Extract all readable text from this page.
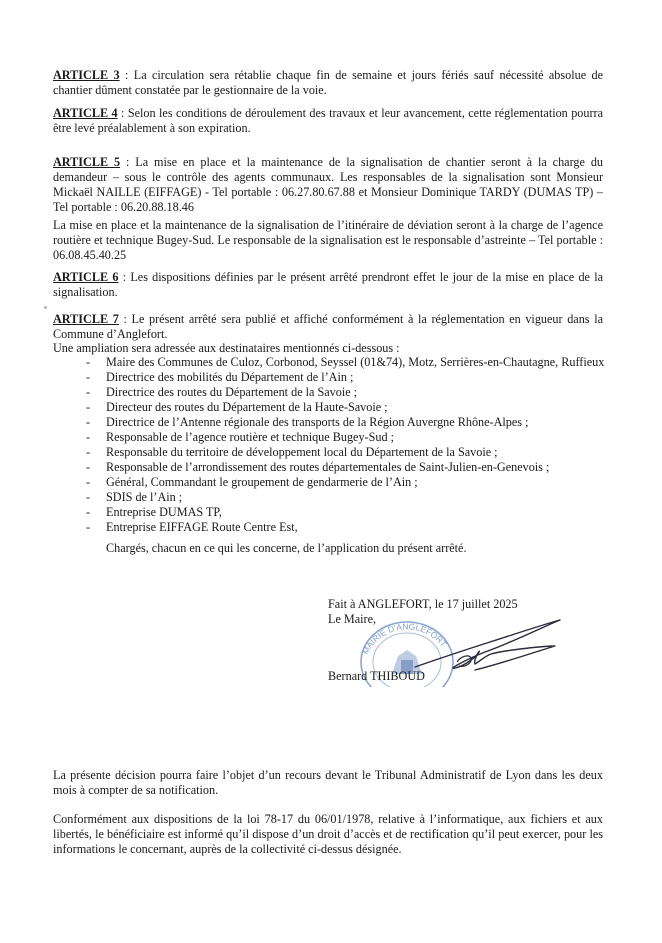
ARTICLE 3 : La circulation sera rétablie chaque fin de semaine et jours fériés sauf nécessité absolue de chantier dûment constatée par le gestionnaire de la voie.

ARTICLE 4 : Selon les conditions de déroulement des travaux et leur avancement, cette réglementation pourra être levé préalablement à son expiration.

ARTICLE 5 : La mise en place et la maintenance de la signalisation de chantier seront à la charge du demandeur – sous le contrôle des agents communaux. Les responsables de la signalisation sont Monsieur Mickaël NAILLE (EIFFAGE) - Tel portable : 06.27.80.67.88 et Monsieur Dominique TARDY (DUMAS TP) – Tel portable : 06.20.88.18.46

La mise en place et la maintenance de la signalisation de l’itinéraire de déviation seront à la charge de l’agence routière et technique Bugey-Sud. Le responsable de la signalisation est le responsable d’astreinte – Tel portable : 06.08.45.40.25

ARTICLE 6 : Les dispositions définies par le présent arrêté prendront effet le jour de la mise en place de la signalisation.

ARTICLE 7 : Le présent arrêté sera publié et affiché conformément à la réglementation en vigueur dans la Commune d’Anglefort.

Une ampliation sera adressée aux destinataires mentionnés ci-dessous :

- Maire des Communes de Culoz, Corbonod, Seyssel (01&74), Motz, Serrières-en-Chautagne, Ruffieux
- Directrice des mobilités du Département de l’Ain ;
- Directrice des routes du Département de la Savoie ;
- Directeur des routes du Département de la Haute-Savoie ;
- Directrice de l’Antenne régionale des transports de la Région Auvergne Rhône-Alpes ;
- Responsable de l’agence routière et technique Bugey-Sud ;
- Responsable du territoire de développement local du Département de la Savoie ;
- Responsable de l’arrondissement des routes départementales de Saint-Julien-en-Genevois ;
- Général, Commandant le groupement de gendarmerie de l’Ain ;
- SDIS de l’Ain ;
- Entreprise DUMAS TP,
- Entreprise EIFFAGE Route Centre Est,

Chargés, chacun en ce qui les concerne, de l’application du présent arrêté.

Fait à ANGLEFORT, le 17 juillet 2025

Le Maire,

MAIRIE D’ANGLEFORT

Bernard THIBOUD

La présente décision pourra faire l’objet d’un recours devant le Tribunal Administratif de Lyon dans les deux mois à compter de sa notification.

Conformément aux dispositions de la loi 78-17 du 06/01/1978, relative à l’informatique, aux fichiers et aux libertés, le bénéficiaire est informé qu’il dispose d’un droit d’accès et de rectification qu’il peut exercer, pour les informations le concernant, auprès de la collectivité ci-dessus désignée.
